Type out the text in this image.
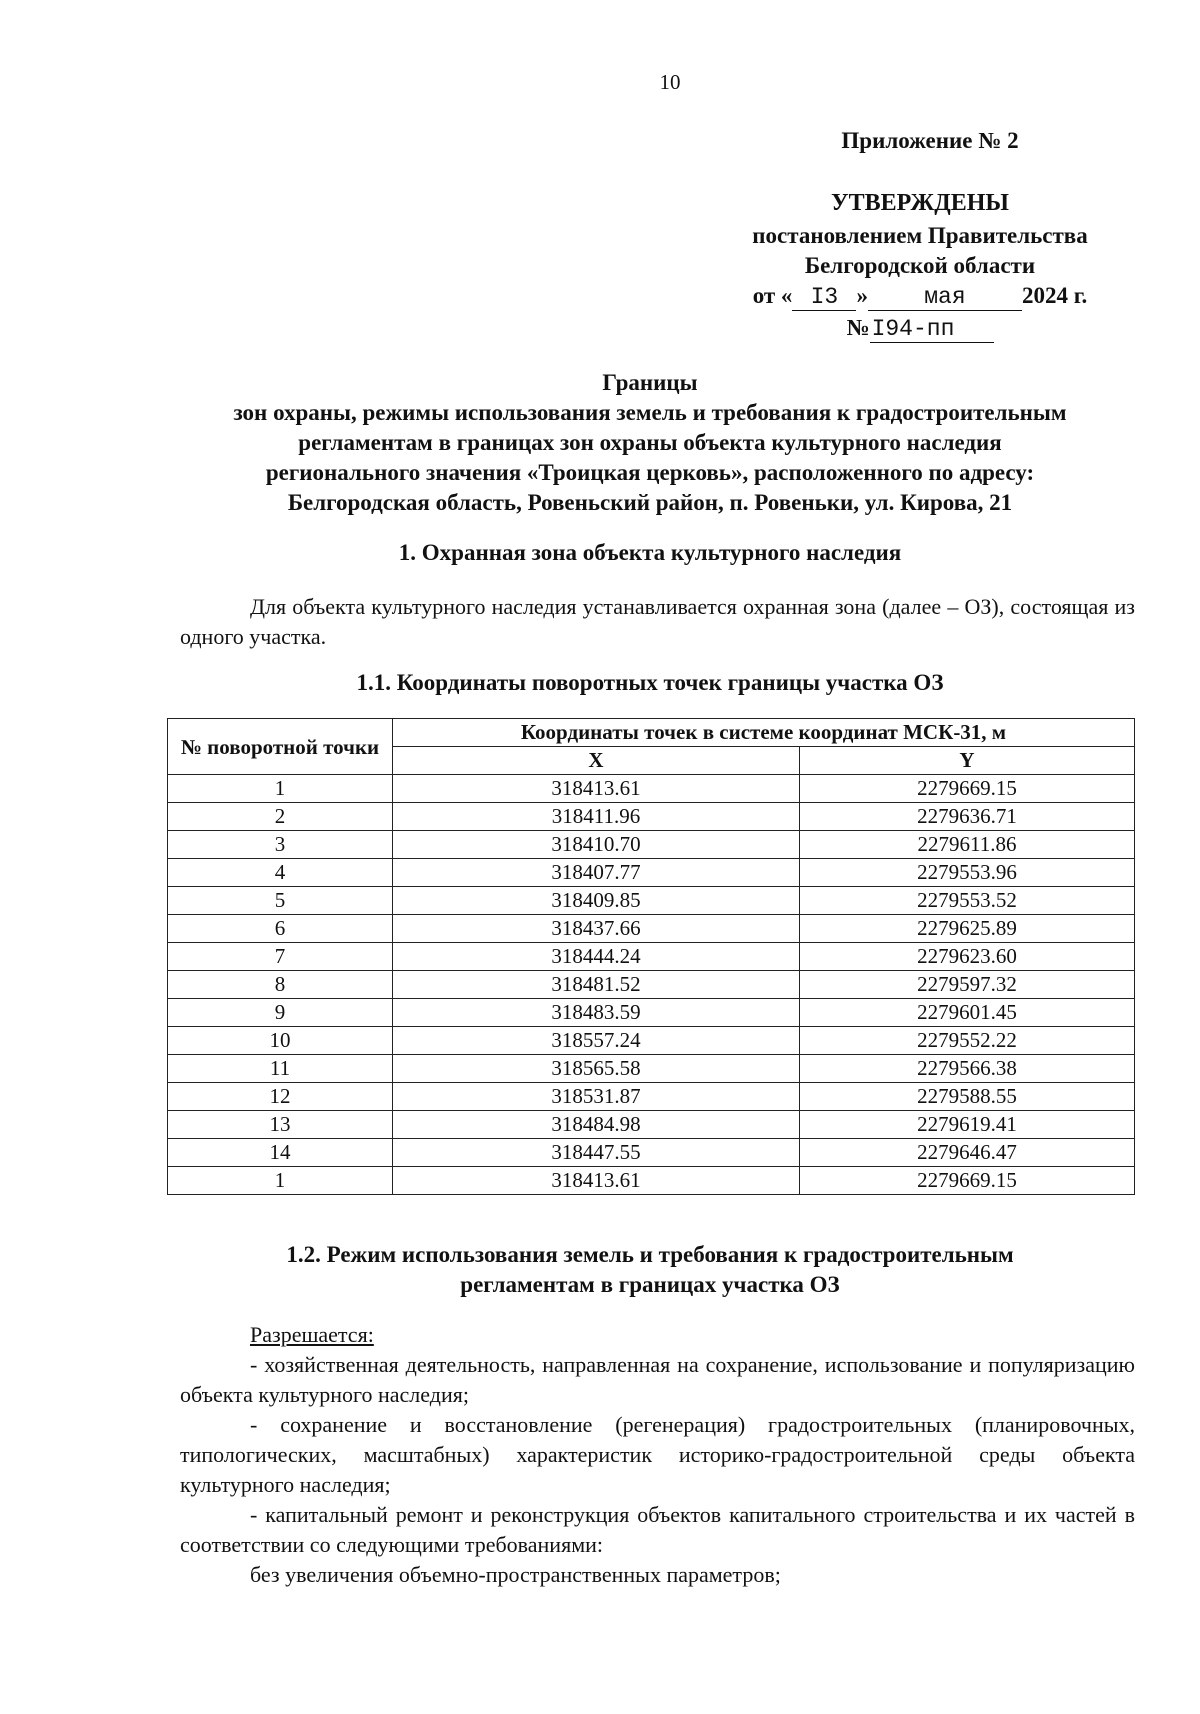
10
Приложение № 2
УТВЕРЖДЕНЫ
постановлением Правительства
Белгородской области
от « I3 » мая 2024 г.
№I94-пп
Границы
зон охраны, режимы использования земель и требования к градостроительным
регламентам в границах зон охраны объекта культурного наследия
регионального значения «Троицкая церковь», расположенного по адресу:
Белгородская область, Ровеньский район, п. Ровеньки, ул. Кирова, 21
1. Охранная зона объекта культурного наследия
Для объекта культурного наследия устанавливается охранная зона (далее – ОЗ), состоящая из одного участка.
1.1. Координаты поворотных точек границы участка ОЗ
№ поворотной точки	Координаты точек в системе координат МСК-31, м	
	X	Y
1	318413.61	2279669.15
2	318411.96	2279636.71
3	318410.70	2279611.86
4	318407.77	2279553.96
5	318409.85	2279553.52
6	318437.66	2279625.89
7	318444.24	2279623.60
8	318481.52	2279597.32
9	318483.59	2279601.45
10	318557.24	2279552.22
11	318565.58	2279566.38
12	318531.87	2279588.55
13	318484.98	2279619.41
14	318447.55	2279646.47
1	318413.61	2279669.15
1.2. Режим использования земель и требования к градостроительным
регламентам в границах участка ОЗ

Разрешается:

- хозяйственная деятельность, направленная на сохранение, использование и популяризацию объекта культурного наследия;

- сохранение и восстановление (регенерация) градостроительных (планировочных, типологических, масштабных) характеристик историко-градостроительной среды объекта культурного наследия;

- капитальный ремонт и реконструкция объектов капитального строительства и их частей в соответствии со следующими требованиями:

без увеличения объемно-пространственных параметров;
